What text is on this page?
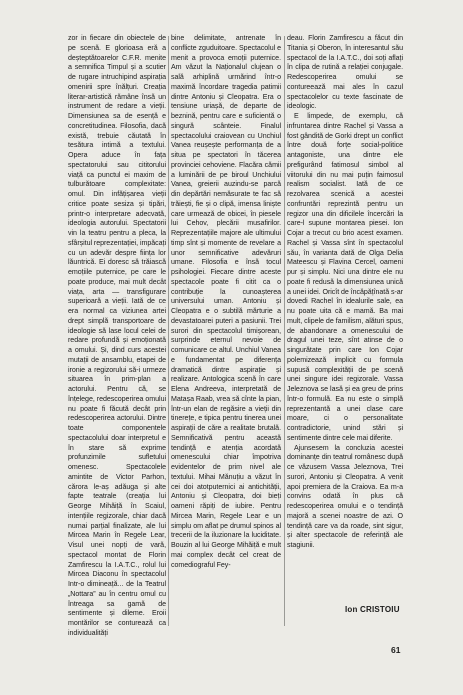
zor in fiecare din obiectele de pe scenă. E glorioasa eră a deșteptătoarelor C.F.R. menite a semnifica Timpul și a scutier de rugare intruchipind aspirația omenirii spre înălțuri. Creația literar-artistică rămâne însă un instrument de redare a vieții. Dimensiunea sa de esență e concretitudinea. Filosofia, dacă există, trebuie căutată în tesătura intimă a textului. Opera aduce în fața spectatorului sau cititorului viață ca punctul ei maxim de tulburătoare complexitate: omul. Din infățișarea vieții critice poate sesiza și tipări, printr-o interpretare adecvată, ideologia autorului. Spectatorii vin la teatru pentru a pleca, la sfârșitul reprezentației, impăcați cu un adevăr despre ființa lor lăuntrică. Ei doresc să trăiască emoțiile puternice, pe care le poate produce, mai mult decât viața, arta — transfigurare superioară a vieții. Iată de ce era normal ca viziunea artei drept simplă transportoare de ideologie să lase locul celei de redare profundă și emoționată a omului. Și, dind curs acestei mutații de ansamblu, etapei de ironie a regizorului să-i urmeze situarea în prim-plan a actorului. Pentru că, se înțelege, redescoperirea omului nu poate fi făcută decât prin redescoperirea actorului. Dintre toate componentele spectacolului doar interpretul e în stare să exprime profunzimile sufletului omenesc. Spectacolele amintite de Victor Parhon, cărora le-aș adăuga și alte fapte teatrale (creația lui George Mihăiță în Scaiul, intențiile regizorale, chiar dacă numai parțial finalizate, ale lui Mircea Marin în Regele Lear, Visul unei nopți de vară, spectacol montat de Florin Zamfirescu la I.A.T.C., rolul lui Mircea Diaconu în spectacolul Intr-o dimineață... de la Teatrul „Nottara” au în centru omul cu întreaga sa gamă de sentimente și dileme. Eroii montărilor se conturează ca individualități

bine delimitate, antrenate în conflicte zguduitoare. Spectacolul e menit a provoca emoții puternice. Am văzut la Naționalul clujean o sală arhiplină urmărind într-o maximă încordare tragedia patimii dintre Antoniu și Cleopatra. Era o tensiune uriașă, de departe de beznină, pentru care e suficientă o singură scânteie. Finalul spectacolului craiovean cu Unchiul Vanea reușește performanța de a situa pe spectatori în tăcerea provinciei cehoviene. Flacăra cămii a luminării de pe biroul Unchiului Vanea, greierii auzindu-se parcă din depărtări nemăsurate te fac să trăiești, fie și o clipă, imensa liniște care urmează de obicei, în piesele lui Cehov, plecării musafirilor. Reprezentațiile majore ale ultimului timp sînt și momente de revelare a unor semnificative adevăruri umane. Filosofia e însă tocul psihologiei. Fiecare dintre aceste spectacole poate fi citit ca o contribuție la cunoașterea universului uman. Antoniu și Cleopatra e o subtilă mărturie a devastatoarei puteri a pasiunii. Trei surori din spectacolul timișorean, surprinde eternul nevoie de comunicare ce altul. Unchiul Vanea e fundamentat pe diferența dramatică dintre aspirație și realizare. Antologica scenă în care Elena Andreeva, interpretată de Matașa Raab, vrea să cînte la pian, într-un elan de regăsire a vieții din tinerețe, e tipica pentru tinerea unei aspirații de căre a realitate brutală. Semnificativă pentru această tendință e atenția acordată omenescului chiar împotriva evidentelor de prim nivel ale textului. Mihai Mănuțiu a văzut în cei doi atotputernici ai antichității, Antoniu și Cleopatra, doi bieți oameni răpiți de iubire. Pentru Mircea Marin, Regele Lear e un simplu om aflat pe drumul spinos al trecerii de la iluzionare la luciditate. Bouzin al lui George Mihăiță e mult mai complex decât cel creat de comediograful Fey-

deau. Florin Zamfirescu a făcut din Titania și Oberon, în interesantul său spectacol de la I.A.T.C., doi soți aflați în clipa de rutină a relației conjugale. Redescoperirea omului se contureează mai ales în cazul spectacolelor cu texte fascinate de ideologic.

E limpede, de exemplu, că infruntarea dintre Rachel și Vassa a fost gândită de Gorki drept un conflict între două forțe social-politice antagoniste, una dintre ele prefigurând fatimosul simbol al viitorului din nu mai puțin faimosul realism socialist. Iată de ce rezolvarea scenică a acestei confruntări reprezintă pentru un regizor una din dificilele încercări la care-l supune montarea piesei. Ion Cojar a trecut cu brio acest examen. Rachel și Vassa sînt în spectacolul său, în varianta dată de Olga Delia Mateescu și Flavina Cercel, oameni pur și simplu. Nici una dintre ele nu poate fi redusă la dimensiunea unică a unei idei. Oricît de încăpățînată s-ar dovedi Rachel în idealurile sale, ea nu poate uita că e mamă. Ba mai mult, clipele de familism, alături spus, de abandonare a omenescului de dragul unei teze, sînt atinse de o singurătate prin care Ion Cojar polemizează implicit cu formula supusă complexității de pe scenă unei singure idei regizorale. Vassa Jeleznova se lasă și ea greu de prins într-o formulă. Ea nu este o simplă reprezentantă a unei clase care moare, ci o personalitate contradictorie, unind stări și sentimente dintre cele mai diferite.

Ajunsesem la concluzia acestei dominanțe din teatrul românesc după ce văzusem Vassa Jeleznova, Trei surori, Antoniu și Cleopatra. A venit apoi premiera de la Craiova. Ea m-a convins odată în plus că redescoperirea omului e o tendință majoră a scenei noastre de azi. O tendință care va da roade, sint sigur, și alter spectacole de referință ale stagiunii.

Ion CRISTOIU
61
